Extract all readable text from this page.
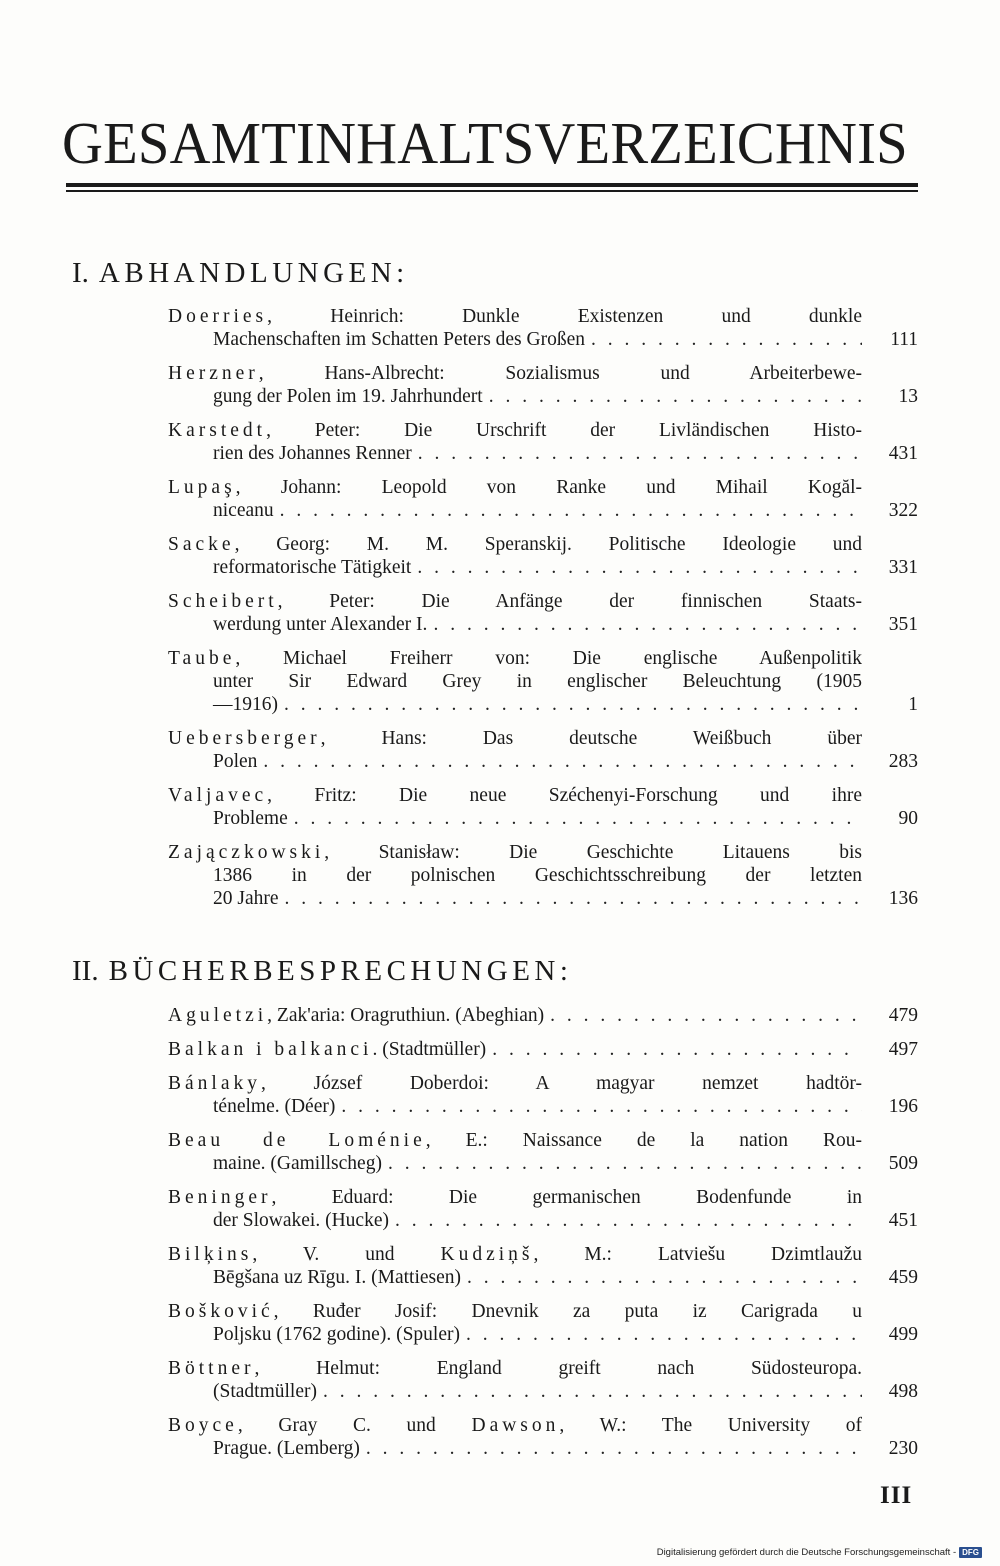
GESAMTINHALTSVERZEICHNIS
I. ABHANDLUNGEN:
Doerries, Heinrich: Dunkle Existenzen und dunkle
Machenschaften im Schatten Peters des Großen . . .	111
Herzner, Hans-Albrecht: Sozialismus und Arbeiterbewe-
gung der Polen im 19. Jahrhundert . . .	13
Karstedt, Peter: Die Urschrift der Livländischen Histo-
rien des Johannes Renner . . .	431
Lupaş, Johann: Leopold von Ranke und Mihail Kogăl-
niceanu . . .	322
Sacke, Georg: M. M. Speranskij. Politische Ideologie und
reformatorische Tätigkeit . . .	331
Scheibert, Peter: Die Anfänge der finnischen Staats-
werdung unter Alexander I. . . .	351
Taube, Michael Freiherr von: Die englische Außenpolitik
unter Sir Edward Grey in englischer Beleuchtung (1905
—1916) . . .	1
Uebersberger, Hans: Das deutsche Weißbuch über
Polen . . .	283
Valjavec, Fritz: Die neue Széchenyi-Forschung und ihre
Probleme . . .	90
Zajączkowski, Stanisław: Die Geschichte Litauens bis
1386 in der polnischen Geschichtsschreibung der letzten
20 Jahre . . .	136
II. BÜCHERBESPRECHUNGEN:
Aguletzi, Zak'aria: Oragruthiun. (Abeghian) . . .	479
Balkan i balkanci. (Stadtmüller) . . .	497
Bánlaky, József Doberdoi: A magyar nemzet hadtör-
ténelme. (Déer) . . .	196
Beau de Loménie, E.: Naissance de la nation Rou-
maine. (Gamillscheg) . . .	509
Beninger, Eduard: Die germanischen Bodenfunde in
der Slowakei. (Hucke) . . .	451
Bilķins, V. und Kudziņš, M.: Latviešu Dzimtlaužu
Bēgšana uz Rīgu. I. (Mattiesen) . . .	459
Bošković, Ruđer Josif: Dnevnik za puta iz Carigrada u
Poljsku (1762 godine). (Spuler) . . .	499
Böttner, Helmut: England greift nach Südosteuropa.
(Stadtmüller) . . .	498
Boyce, Gray C. und Dawson, W.: The University of
Prague. (Lemberg) . . .	230
III
Digitalisierung gefördert durch die Deutsche Forschungsgemeinschaft - DFG
